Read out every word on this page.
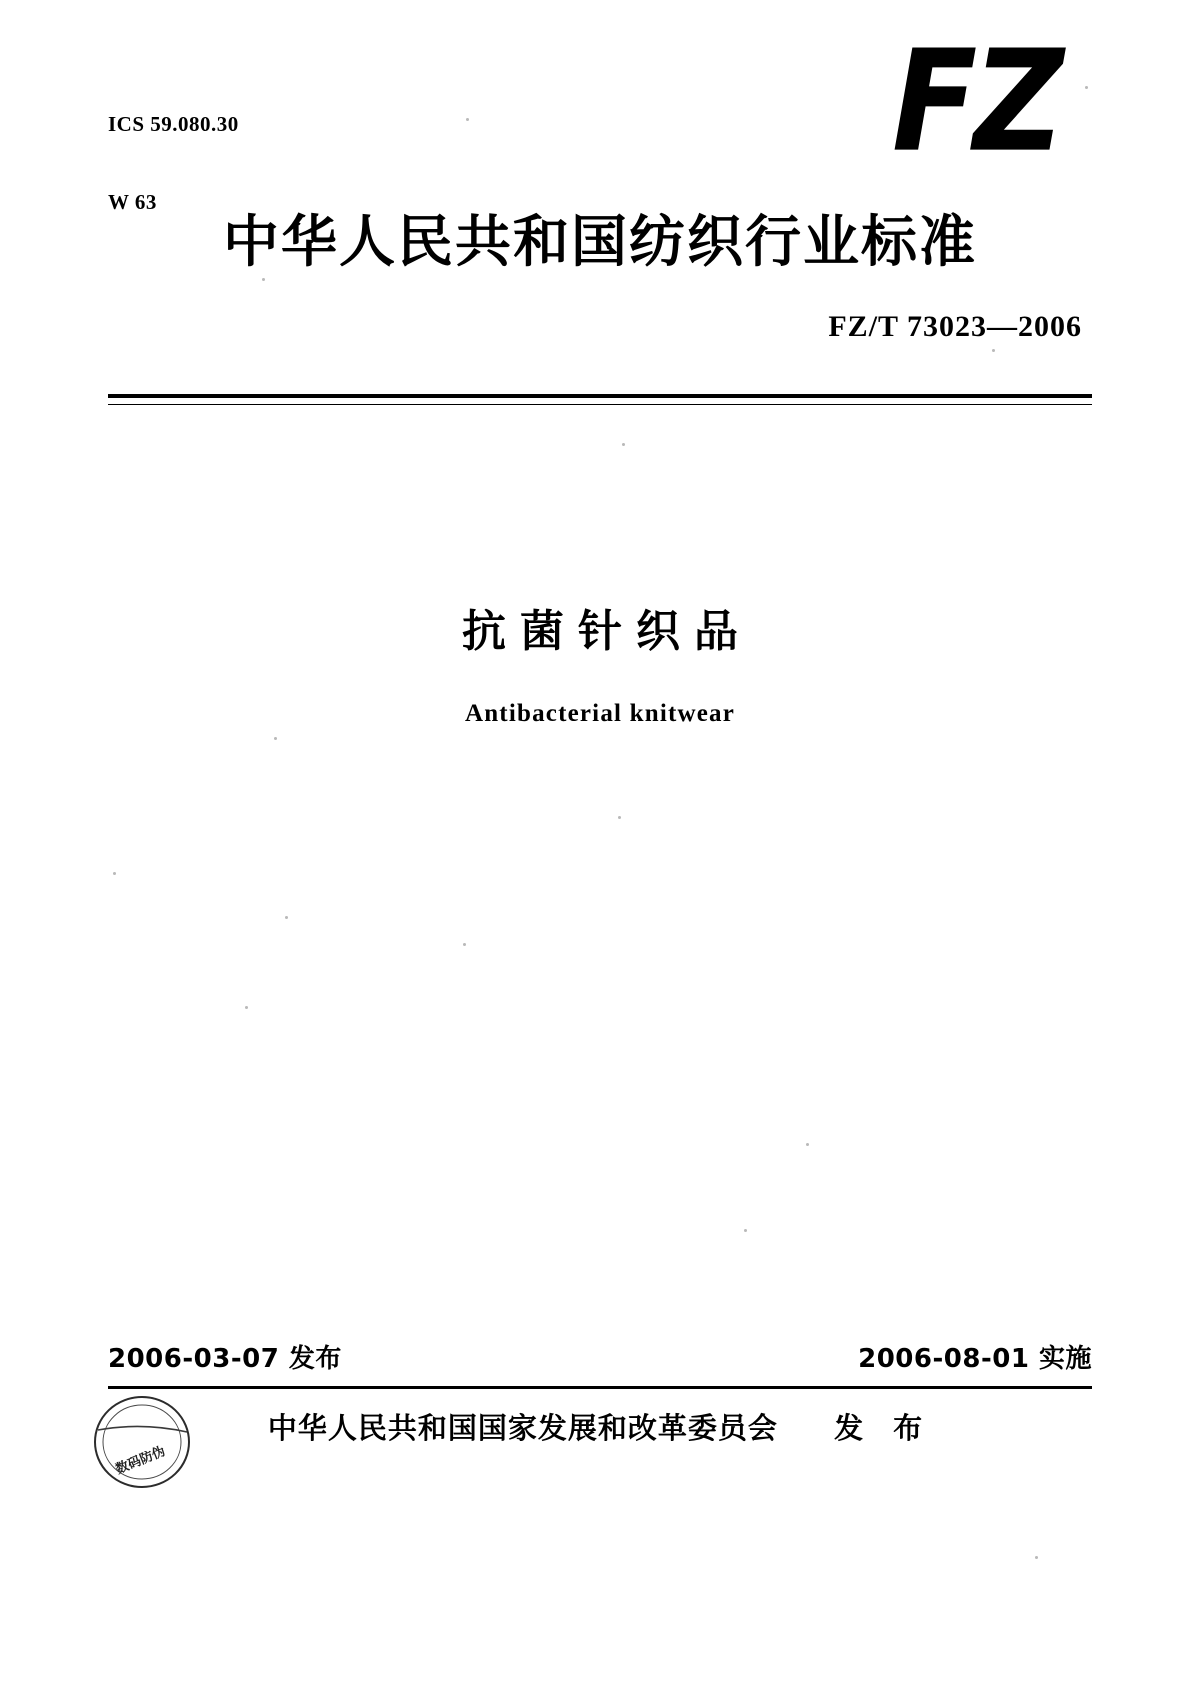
ICS 59.080.30

W 63

FZ
中华人民共和国纺织行业标准
FZ/T 73023—2006
抗菌针织品
Antibacterial knitwear
2006-03-07 发布	2006-08-01 实施
中华人民共和国国家发展和改革委员会 发 布
数码防伪
